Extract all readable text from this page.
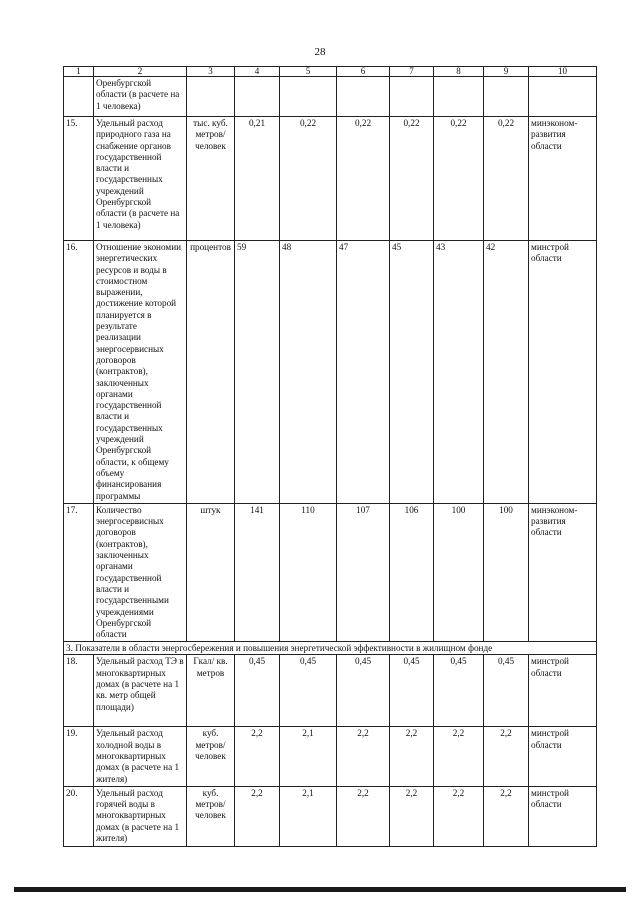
28
1	2	3	4	5	6	7	8	9	10
	Оренбургской области (в расчете на 1 человека)								
15.	Удельный расход природного газа на снабжение органов государственной власти и государственных учреждений Оренбургской области (в расчете на 1 человека)	тыс. куб. метров/ человек	0,21	0,22	0,22	0,22	0,22	0,22	минэконом-развития области
16.	Отношение экономии энергетических ресурсов и воды в стоимостном выражении, достижение которой планируется в результате реализации энергосервисных договоров (контрактов), заключенных органами государственной власти и государственных учреждений Оренбургской области, к общему объему финансирования программы	процентов	59	48	47	45	43	42	минстрой области
17.	Количество энергосервисных договоров (контрактов), заключенных органами государственной власти и государственными учреждениями Оренбургской области	штук	141	110	107	106	100	100	минэконом-развития области
3. Показатели в области энергосбережения и повышения энергетической эффективности в жилищном фонде									
18.	Удельный расход ТЭ в многоквартирных домах (в расчете на 1 кв. метр общей площади)	Гкал/ кв. метров	0,45	0,45	0,45	0,45	0,45	0,45	минстрой области
19.	Удельный расход холодной воды в многоквартирных домах (в расчете на 1 жителя)	куб. метров/ человек	2,2	2,1	2,2	2,2	2,2	2,2	минстрой области
20.	Удельный расход горячей воды в многоквартирных домах (в расчете на 1 жителя)	куб. метров/ человек	2,2	2,1	2,2	2,2	2,2	2,2	минстрой области
